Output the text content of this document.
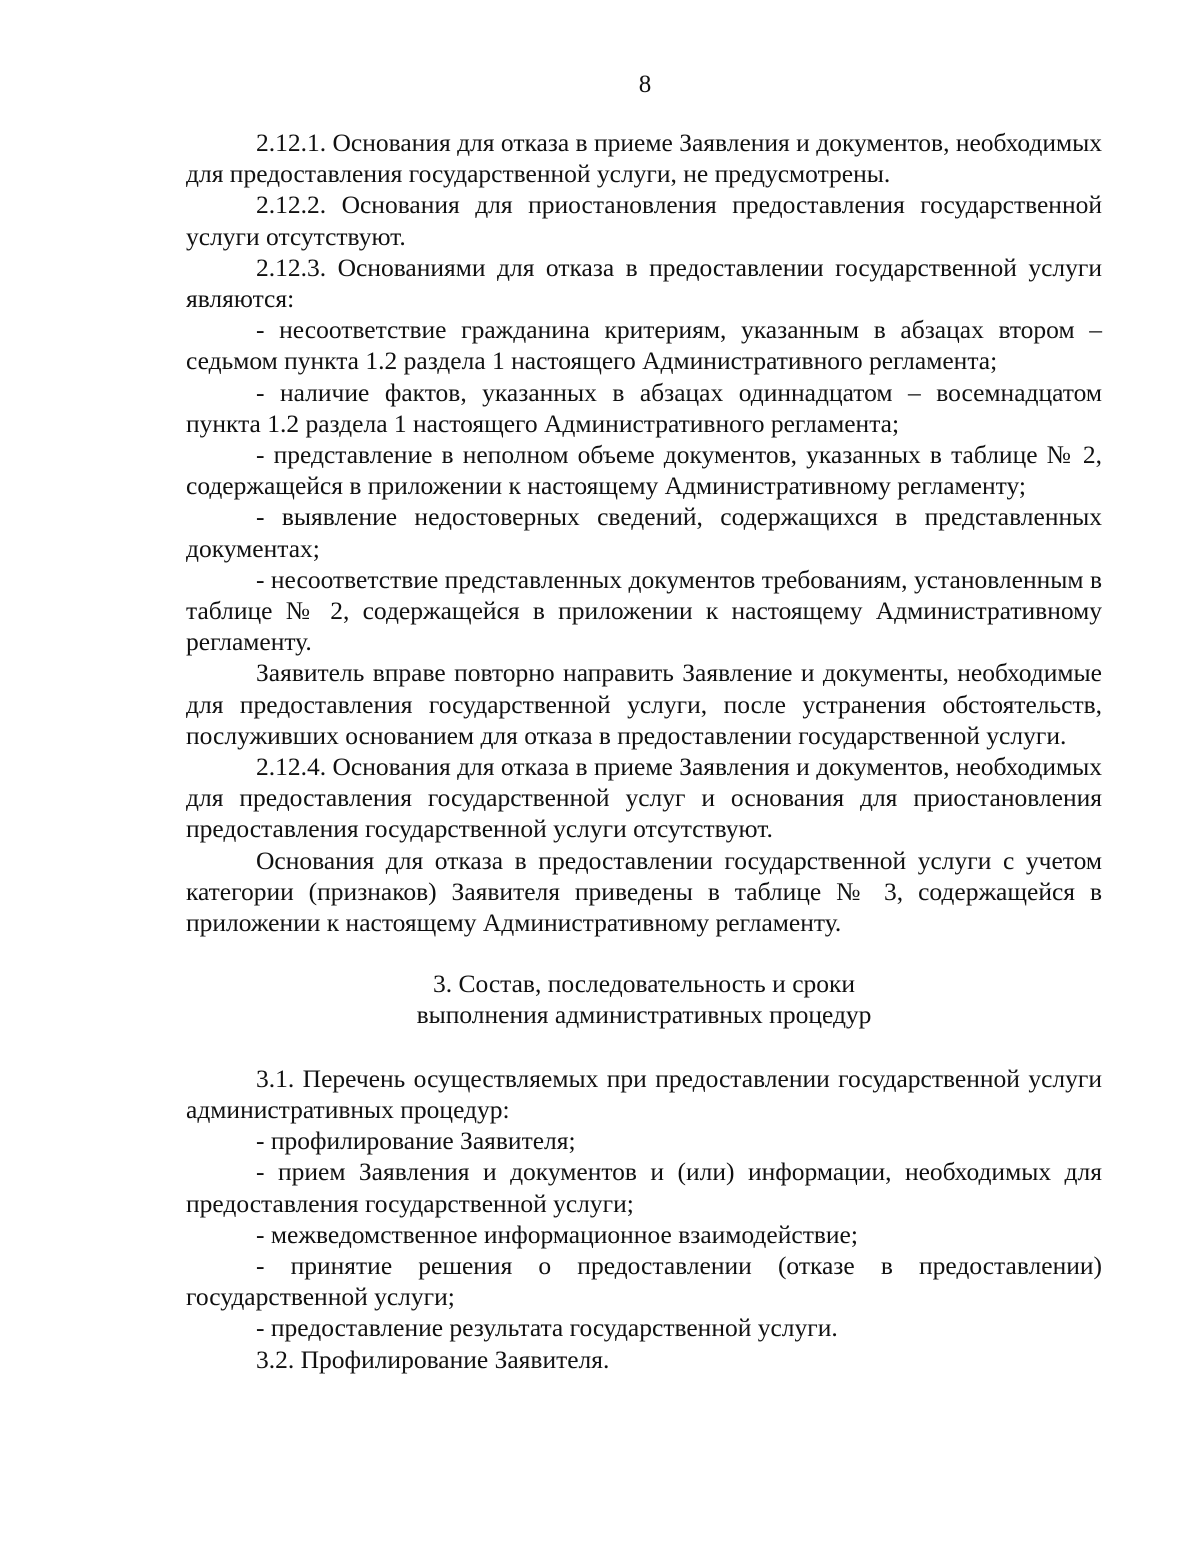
8

2.12.1. Основания для отказа в приеме Заявления и документов, необходимых для предоставления государственной услуги, не предусмотрены.

2.12.2. Основания для приостановления предоставления государственной услуги отсутствуют.

2.12.3. Основаниями для отказа в предоставлении государственной услуги являются:

- несоответствие гражданина критериям, указанным в абзацах втором – седьмом пункта 1.2 раздела 1 настоящего Административного регламента;

- наличие фактов, указанных в абзацах одиннадцатом – восемнадцатом пункта 1.2 раздела 1 настоящего Административного регламента;

- представление в неполном объеме документов, указанных в таблице № 2, содержащейся в приложении к настоящему Административному регламенту;

- выявление недостоверных сведений, содержащихся в представленных документах;

- несоответствие представленных документов требованиям, установленным в таблице № 2, содержащейся в приложении к настоящему Административному регламенту.

Заявитель вправе повторно направить Заявление и документы, необходимые для предоставления государственной услуги, после устранения обстоятельств, послуживших основанием для отказа в предоставлении государственной услуги.

2.12.4. Основания для отказа в приеме Заявления и документов, необходимых для предоставления государственной услуг и основания для приостановления предоставления государственной услуги отсутствуют.

Основания для отказа в предоставлении государственной услуги с учетом категории (признаков) Заявителя приведены в таблице № 3, содержащейся в приложении к настоящему Административному регламенту.

3. Состав, последовательность и сроки
выполнения административных процедур

3.1. Перечень осуществляемых при предоставлении государственной услуги административных процедур:

- профилирование Заявителя;

- прием Заявления и документов и (или) информации, необходимых для предоставления государственной услуги;

- межведомственное информационное взаимодействие;

- принятие решения о предоставлении (отказе в предоставлении) государственной услуги;

- предоставление результата государственной услуги.

3.2. Профилирование Заявителя.
